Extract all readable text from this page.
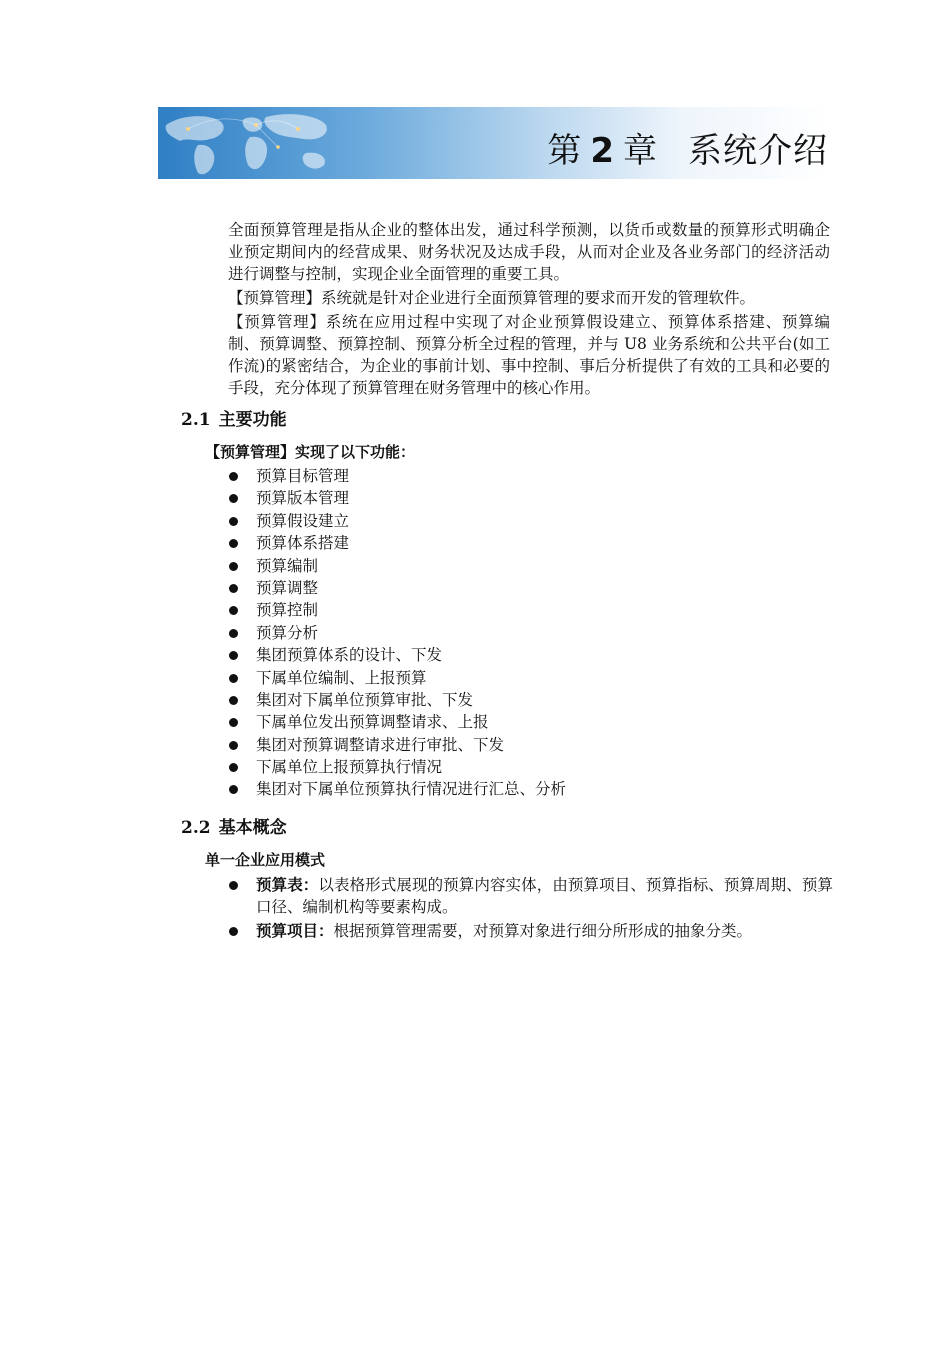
第 2 章 系统介绍

全面预算管理是指从企业的整体出发，通过科学预测，以货币或数量的预算形式明确企业预定期间内的经营成果、财务状况及达成手段，从而对企业及各业务部门的经济活动进行调整与控制，实现企业全面管理的重要工具。

【预算管理】系统就是针对企业进行全面预算管理的要求而开发的管理软件。

【预算管理】系统在应用过程中实现了对企业预算假设建立、预算体系搭建、预算编制、预算调整、预算控制、预算分析全过程的管理，并与 U8 业务系统和公共平台(如工作流)的紧密结合，为企业的事前计划、事中控制、事后分析提供了有效的工具和必要的手段，充分体现了预算管理在财务管理中的核心作用。

2.1 主要功能
【预算管理】实现了以下功能：
预算目标管理
预算版本管理
预算假设建立
预算体系搭建
预算编制
预算调整
预算控制
预算分析
集团预算体系的设计、下发
下属单位编制、上报预算
集团对下属单位预算审批、下发
下属单位发出预算调整请求、上报
集团对预算调整请求进行审批、下发
下属单位上报预算执行情况
集团对下属单位预算执行情况进行汇总、分析
2.2 基本概念
单一企业应用模式
预算表：以表格形式展现的预算内容实体，由预算项目、预算指标、预算周期、预算口径、编制机构等要素构成。
预算项目：根据预算管理需要，对预算对象进行细分所形成的抽象分类。
